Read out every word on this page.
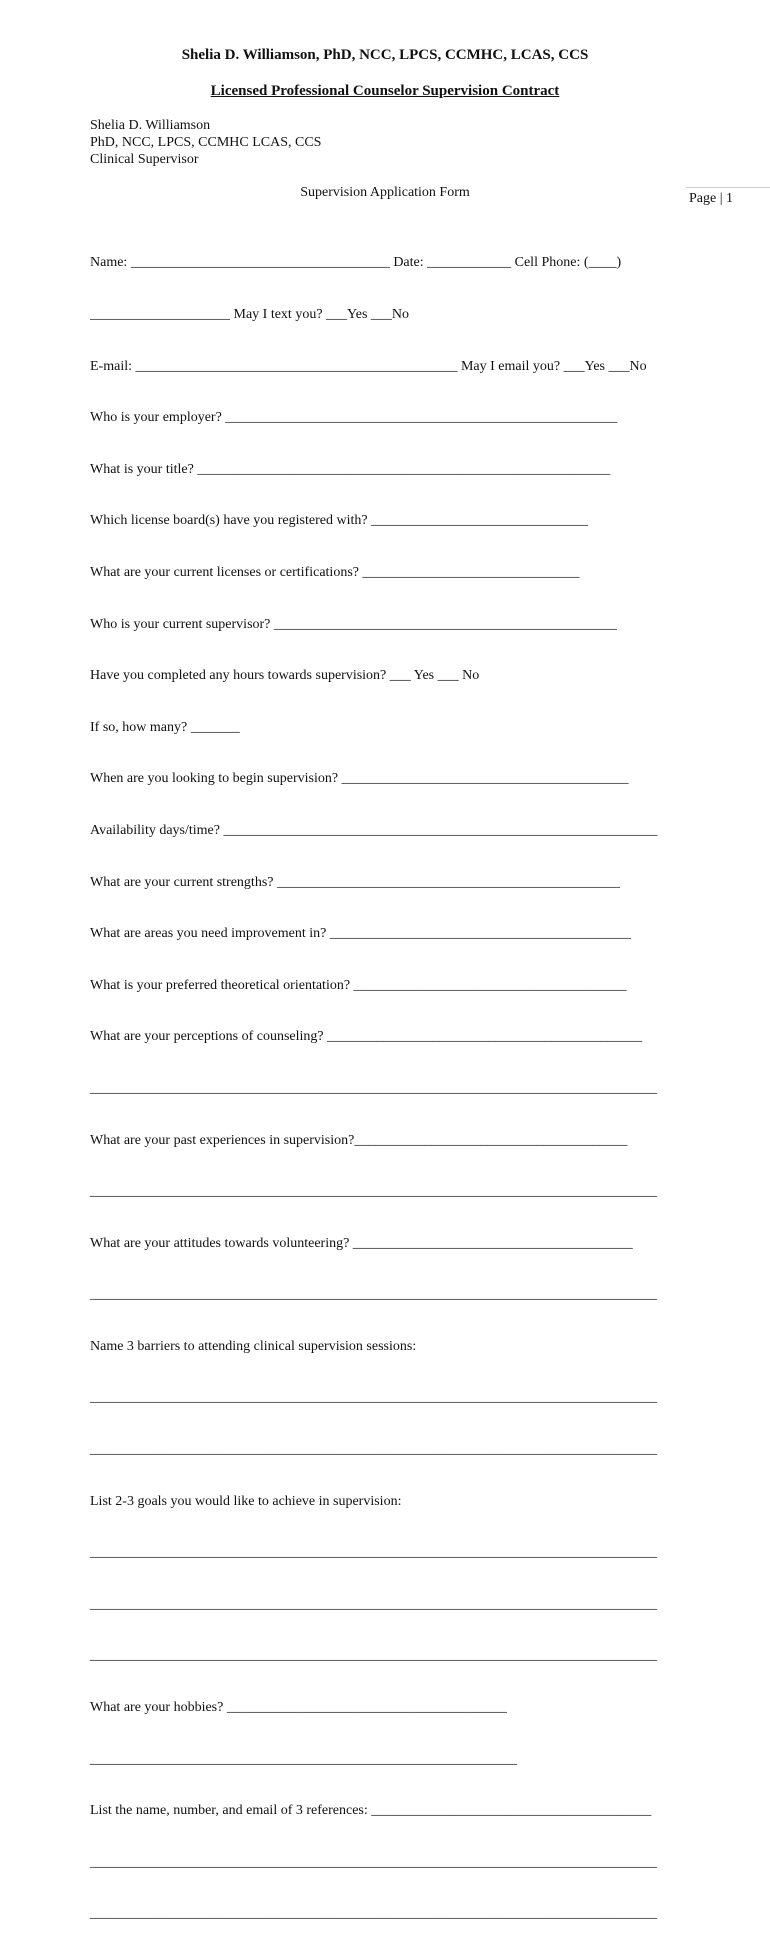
Shelia D. Williamson, PhD, NCC, LPCS, CCMHC, LCAS, CCS
Licensed Professional Counselor Supervision Contract
Shelia D. Williamson
PhD, NCC, LPCS, CCMHC LCAS, CCS
Clinical Supervisor
Supervision Application Form	Page | 1

Name: _____________________________________ Date: ____________ Cell Phone: (____)

____________________ May I text you? ___Yes ___No

E-mail: ______________________________________________ May I email you? ___Yes ___No

Who is your employer? ________________________________________________________

What is your title? ___________________________________________________________

Which license board(s) have you registered with? _______________________________

What are your current licenses or certifications? _______________________________

Who is your current supervisor? _________________________________________________

Have you completed any hours towards supervision? ___ Yes ___ No

If so, how many? _______

When are you looking to begin supervision? _________________________________________

Availability days/time? ______________________________________________________________

What are your current strengths? _________________________________________________

What are areas you need improvement in? ___________________________________________

What is your preferred theoretical orientation? _______________________________________

What are your perceptions of counseling? _____________________________________________

_________________________________________________________________________________

What are your past experiences in supervision?_______________________________________

_________________________________________________________________________________

What are your attitudes towards volunteering? ________________________________________

_________________________________________________________________________________

Name 3 barriers to attending clinical supervision sessions:

_________________________________________________________________________________

_________________________________________________________________________________

List 2-3 goals you would like to achieve in supervision:

_________________________________________________________________________________

_________________________________________________________________________________

_________________________________________________________________________________

What are your hobbies? ________________________________________

_____________________________________________________________

List the name, number, and email of 3 references: ________________________________________

_________________________________________________________________________________

_________________________________________________________________________________
